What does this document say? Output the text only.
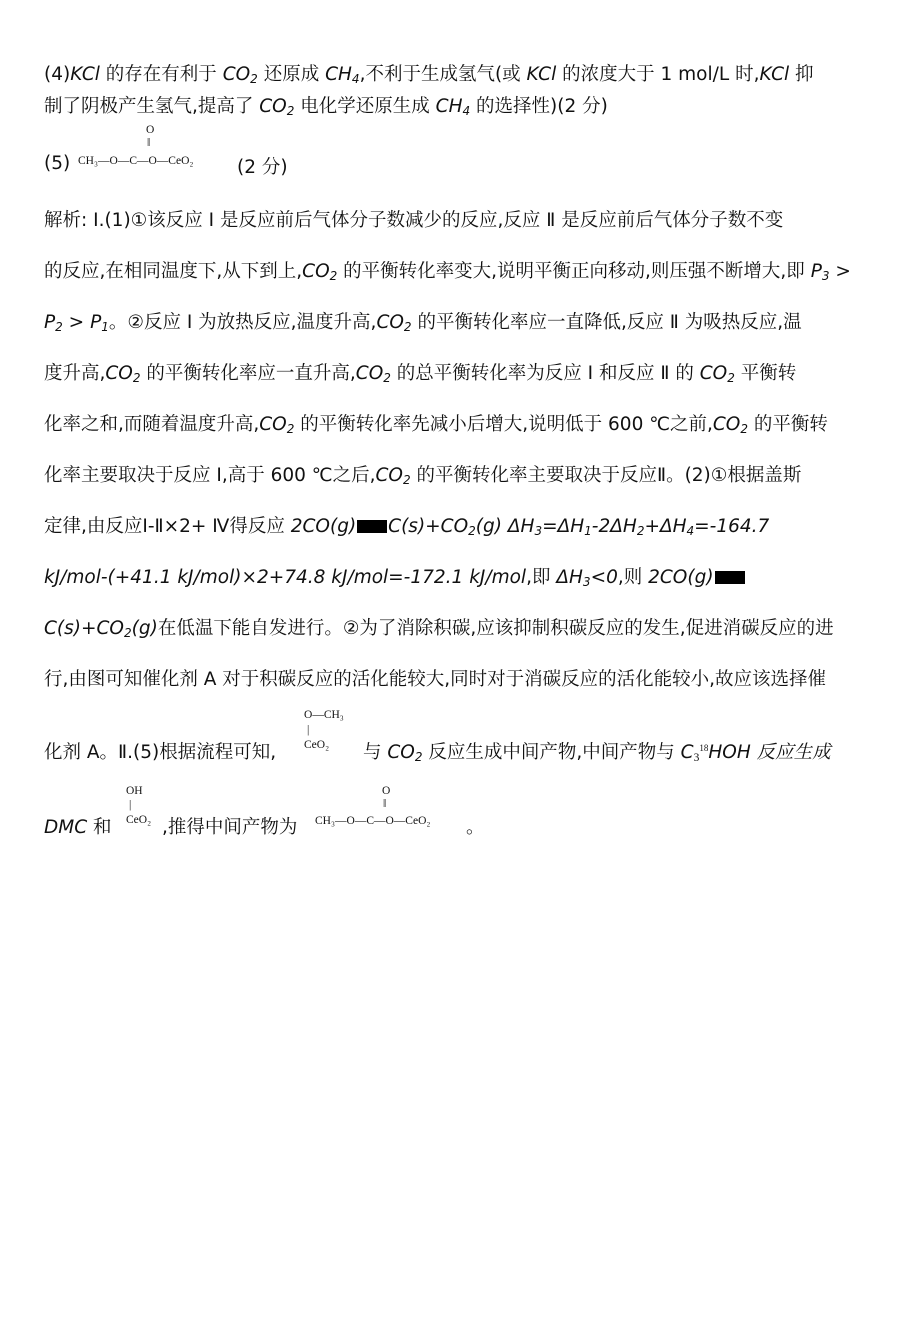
(4)KCl 的存在有利于 $CO_2$ 还原成 $CH_4$,不利于生成氢气(或 KCl 的浓度大于 1 mol/L 时,KCl 抑
制了阴极产生氢气,提高了 $CO_2$ 电化学还原生成 $CH_4$ 的选择性)(2 分)
(5)
O
‖
CH₃—O—C—O—CeO₂ (2 分)
解析: Ⅰ.(1)①该反应 Ⅰ 是反应前后气体分子数减少的反应,反应 Ⅱ 是反应前后气体分子数不变
的反应,在相同温度下,从下到上$,CO_2$ 的平衡转化率变大,说明平衡正向移动,则压强不断增大,即 $P_3$ >
$P_2 > P_1$。②反应 Ⅰ 为放热反应,温度升高$,CO_2$ 的平衡转化率应一直降低,反应 Ⅱ 为吸热反应,温
度升高$,CO_2$ 的平衡转化率应一直升高$,CO_2$ 的总平衡转化率为反应 Ⅰ 和反应 Ⅱ 的 $CO_2$ 平衡转
化率之和,而随着温度升高$,CO_2$ 的平衡转化率先减小后增大,说明低于 600 ℃之前$,CO_2$ 的平衡转
化率主要取决于反应 Ⅰ,高于 600 ℃之后$,CO_2$ 的平衡转化率主要取决于反应Ⅱ。(2)①根据盖斯
定律,由反应Ⅰ-Ⅱ×2+ Ⅳ得反应 2CO(g) $C(s)+CO_2(g)$ $\Delta H_3=\Delta H_1-2\Delta H_2+\Delta H_4=-164.7$
kJ/mol-(+41.1 kJ/mol)×2+74.8 kJ/mol=-172.1 kJ/mol,即 $\Delta H_3<0$,则 2CO(g)
$C(s)+CO_2(g)$在低温下能自发进行。②为了消除积碳,应该抑制积碳反应的发生,促进消碳反应的进
行,由图可知催化剂 A 对于积碳反应的活化能较大,同时对于消碳反应的活化能较小,故应该选择催
化剂 A。Ⅱ.(5)根据流程可知,
O—CH₃
|
CeO₂ 与 $CO_2$ 反应生成中间产物,中间产物与 $C_3^{18}HOH$ 反应生成
DMC 和
OH
|
CeO₂ ,推得中间产物为
O
‖
CH₃—O—C—O—CeO₂ 。
